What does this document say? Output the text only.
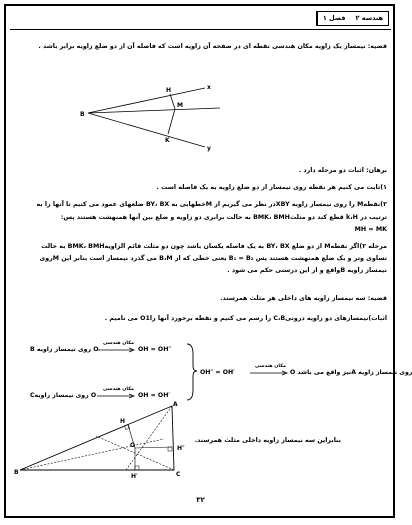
هندسه ۲
فصل ۱
قضیه: نیمساز یک زاویه مکان هندسی نقطه ای در صفحه آن زاویه است که فاصله آن از دو ضلع زاویه برابر باشد .
B
H
M
K
x
y
برهان: اثبات دو مرحله دارد .
۱)ثابت می کنیم هر نقطه روی نیمساز از دو ضلع زاویه به یک فاصله است .
۲)نقطهM را روی نیمساز زاویه XBYدر نظر می گیریم از Mخطهایی به BY، BX ضلعهای عمود می کنیم تا آنها را به
ترتیب در k،H قطع کند دو مثلثBMK، BMH به حالت برابری دو زاویه و ضلع بین آنها همنهشت هستند پس:
MH = MK
مرحله ۲)اگر نقطهM از دو ضلع BY، BX به یک فاصله یکسان باشد چون دو مثلث قائم الزاویهBMK، BMH به حالت
تساوی وتر و یک ضلع همنهشت هستند پس B₁ = B₂ یعنی خطی که از B،M می گذرد نیمساز است بنابر این Mروی
نیمساز زاویه Bواقع و از این درستی حکم می شود .
قضیه: سه نیمساز زاویه های داخلی هر مثلث همرسند.
اثبات)نیمسازهای دو زاویه درونیC،B را رسم می کنیم و نقطه برخورد آنها راO1 می نامیم .
B روی نیمساز زاویه O
مکان هندسی
OH = OH″
OH″ = OH′
مکان هندسی
روی نیمساز زاویه Aنیز واقع می باشد O
Cروی نیمساز زاویه O
مکان هندسی
OH = OH′
B	C
A
O
H
H′
H″
بنابراین سه نیمساز زاویه داخلی مثلث همرسند.
۳۲
